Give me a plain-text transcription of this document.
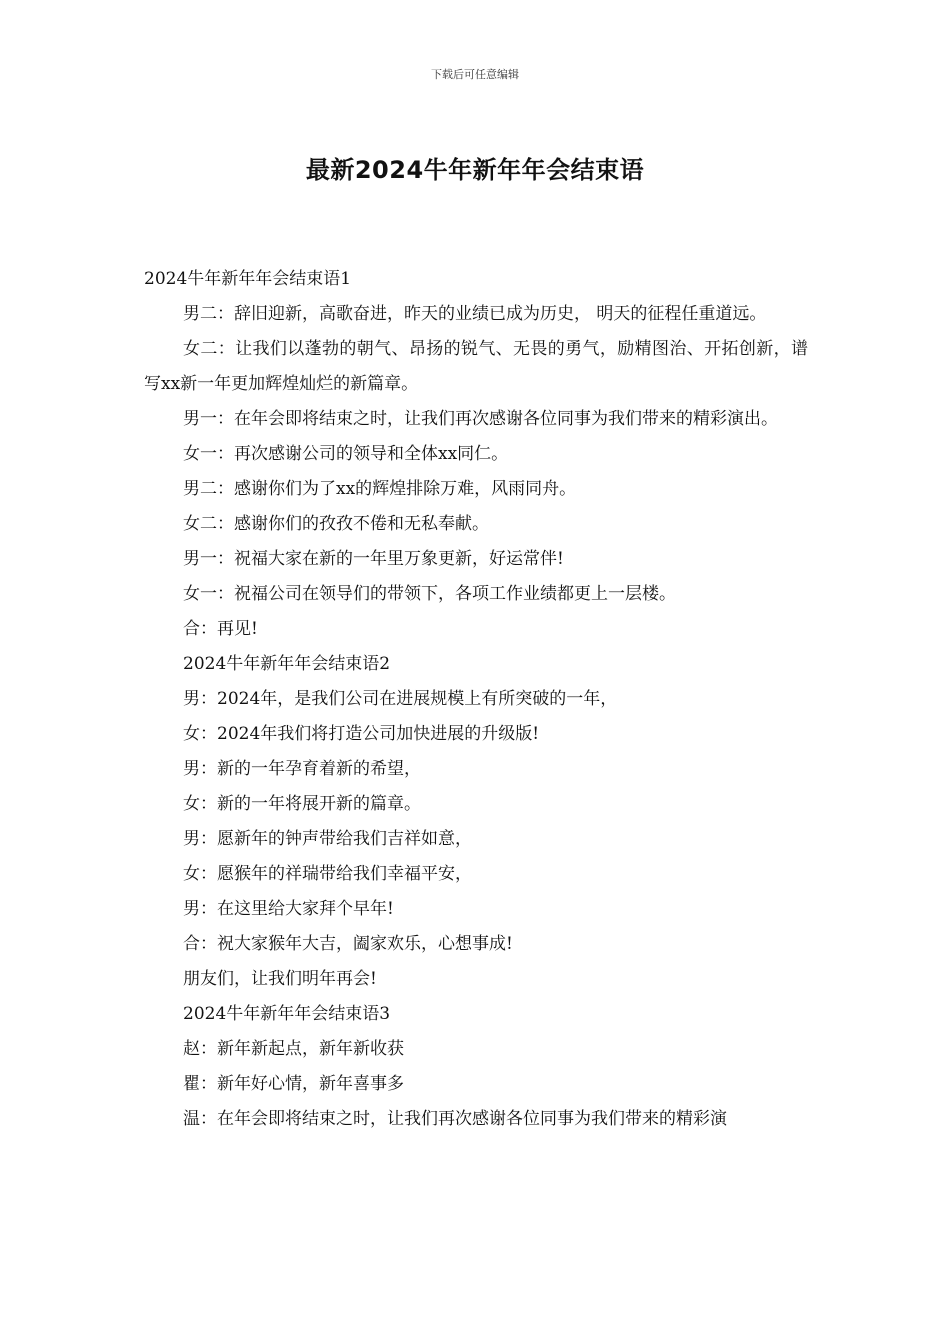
下载后可任意编辑
最新2024牛年新年年会结束语

2024牛年新年年会结束语1

男二：辞旧迎新，高歌奋进，昨天的业绩已成为历史， 明天的征程任重道远。

女二：让我们以蓬勃的朝气、昂扬的锐气、无畏的勇气，励精图治、开拓创新，谱写xx新一年更加辉煌灿烂的新篇章。

男一：在年会即将结束之时，让我们再次感谢各位同事为我们带来的精彩演出。

女一：再次感谢公司的领导和全体xx同仁。

男二：感谢你们为了xx的辉煌排除万难，风雨同舟。

女二：感谢你们的孜孜不倦和无私奉献。

男一：祝福大家在新的一年里万象更新，好运常伴!

女一：祝福公司在领导们的带领下，各项工作业绩都更上一层楼。

合：再见!

2024牛年新年年会结束语2

男：2024年，是我们公司在进展规模上有所突破的一年，

女：2024年我们将打造公司加快进展的升级版!

男：新的一年孕育着新的希望，

女：新的一年将展开新的篇章。

男：愿新年的钟声带给我们吉祥如意，

女：愿猴年的祥瑞带给我们幸福平安，

男：在这里给大家拜个早年!

合：祝大家猴年大吉，阖家欢乐，心想事成!

朋友们，让我们明年再会!

2024牛年新年年会结束语3

赵：新年新起点，新年新收获

瞿：新年好心情，新年喜事多

温：在年会即将结束之时，让我们再次感谢各位同事为我们带来的精彩演
